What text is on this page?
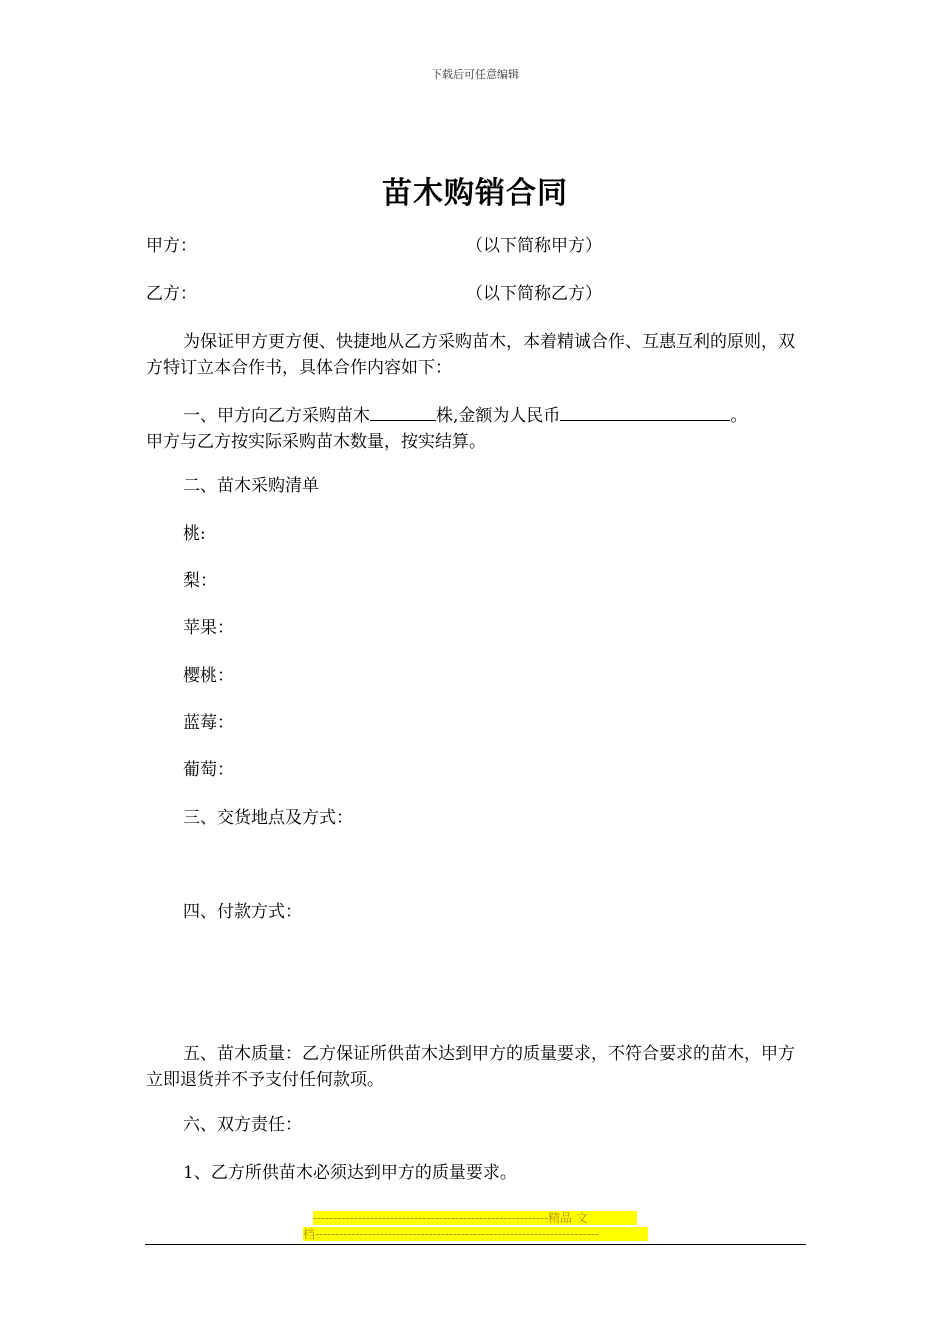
下载后可任意编辑
苗木购销合同
甲方：	（以下简称甲方）
乙方：	（以下简称乙方）
为保证甲方更方便、快捷地从乙方采购苗木，本着精诚合作、互惠互利的原则，双方特订立本合作书，具体合作内容如下：
一、甲方向乙方采购苗木	株,金额为人民币	。
甲方与乙方按实际采购苗木数量，按实结算。
二、苗木采购清单
桃:
梨：
苹果：
樱桃：
蓝莓：
葡萄：
三、交货地点及方式：
四、付款方式：
五、苗木质量：乙方保证所供苗木达到甲方的质量要求，不符合要求的苗木，甲方立即退货并不予支付任何款项。
六、双方责任：
1、乙方所供苗木必须达到甲方的质量要求。
----------------------------------------------------------精品 文
档----------------------------------------------------------------------
